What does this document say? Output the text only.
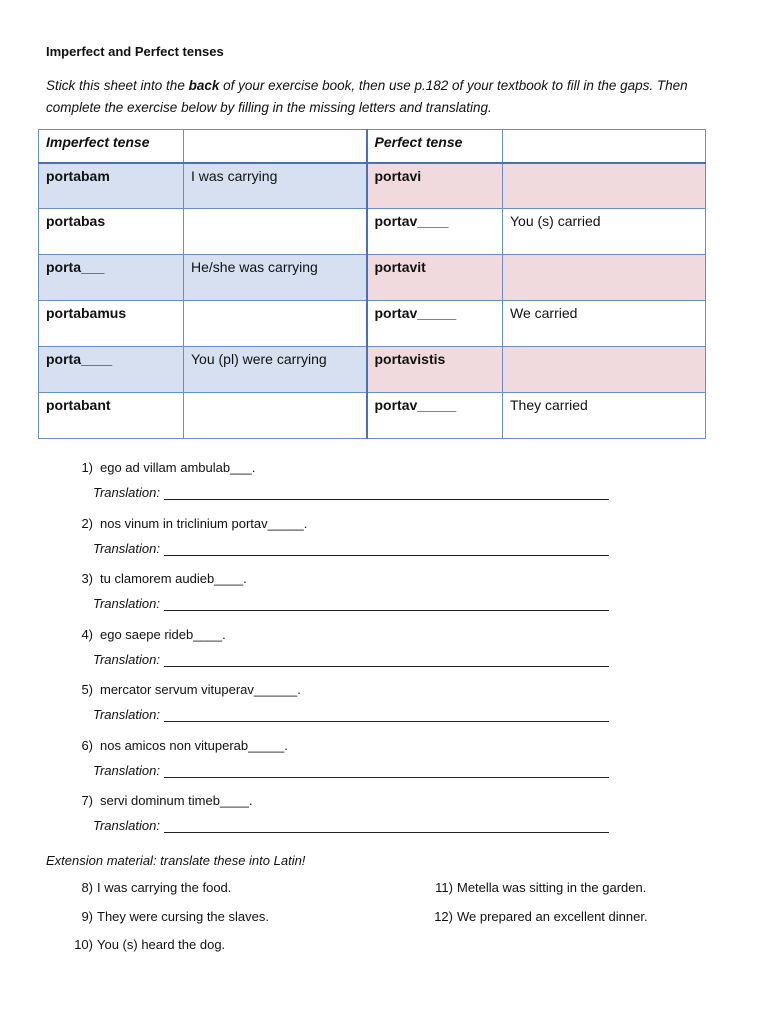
Imperfect and Perfect tenses
Stick this sheet into the back of your exercise book, then use p.182 of your textbook to fill in the gaps. Then complete the exercise below by filling in the missing letters and translating.
Imperfect tense		Perfect tense	
portabam	I was carrying	portavi	
portabas		portav____	You (s) carried
porta___	He/she was carrying	portavit	
portabamus		portav_____	We carried
porta____	You (pl) were carrying	portavistis	
portabant		portav_____	They carried
1) ego ad villam ambulab___.
Translation:
2) nos vinum in triclinium portav_____.
Translation:
3) tu clamorem audieb____.
Translation:
4) ego saepe rideb____.
Translation:
5) mercator servum vituperav______.
Translation:
6) nos amicos non vituperab_____.
Translation:
7) servi dominum timeb____.
Translation:
Extension material: translate these into Latin!
8) I was carrying the food.
9) They were cursing the slaves.
10) You (s) heard the dog.
11) Metella was sitting in the garden.
12) We prepared an excellent dinner.
